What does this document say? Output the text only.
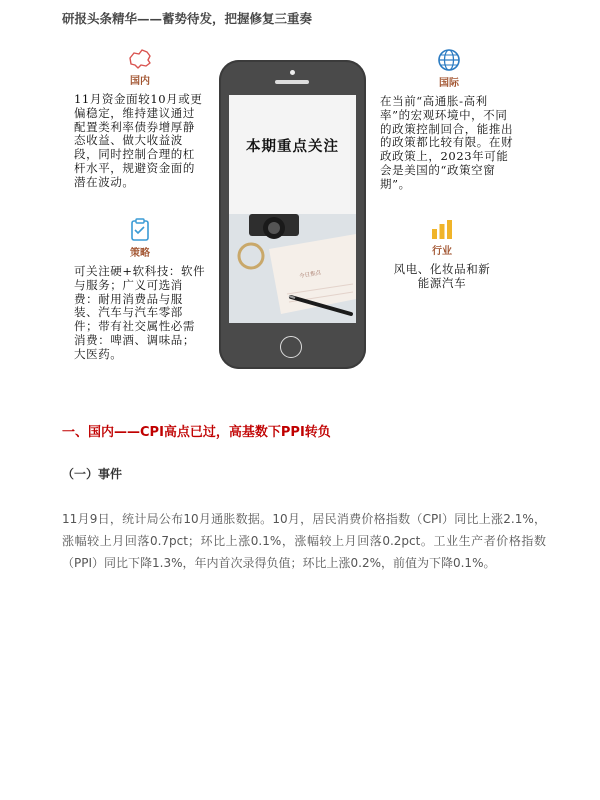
研报头条精华——蓄势待发，把握修复三重奏
国内
11月资金面较10月或更偏稳定，维持建议通过配置类利率债券增厚静态收益、做大收益波段，同时控制合理的杠杆水平，规避资金面的潜在波动。
国际
在当前“高通胀-高利率”的宏观环境中，不同的政策控制回合，能推出的政策都比较有限。在财政政策上，2023年可能会是美国的“政策空窗期”。
策略
可关注硬+软科技：软件与服务；广义可选消费：耐用消费品与服装、汽车与汽车零部件；带有社交属性必需消费：啤酒、调味品；大医药。
行业
风电、化妆品和新能源汽车
本期重点关注
今日焦点
一、国内——CPI高点已过，高基数下PPI转负
（一）事件
11月9日，统计局公布10月通胀数据。10月，居民消费价格指数（CPI）同比上涨2.1%，涨幅较上月回落0.7pct；环比上涨0.1%，涨幅较上月回落0.2pct。工业生产者价格指数（PPI）同比下降1.3%，年内首次录得负值；环比上涨0.2%，前值为下降0.1%。
